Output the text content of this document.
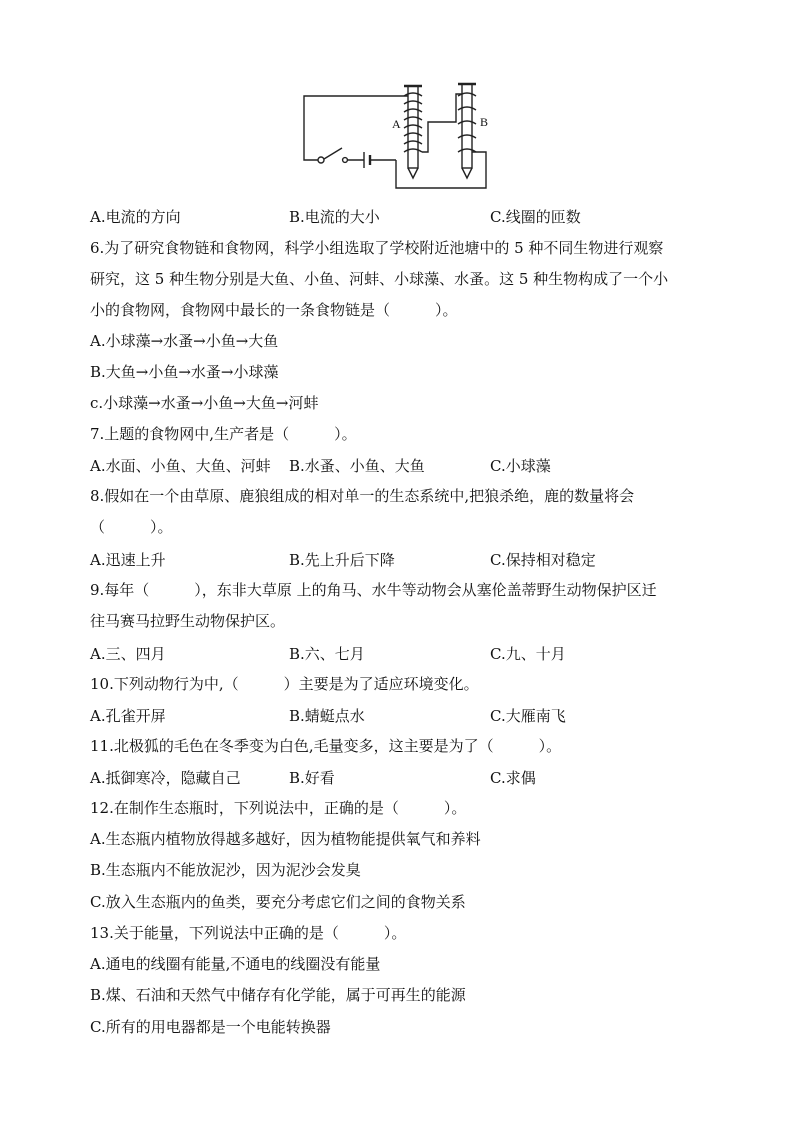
A	B
A.电流的方向	B.电流的大小	C.线圈的匝数
6.为了研究食物链和食物网，科学小组选取了学校附近池塘中的 5 种不同生物进行观察
研究，这 5 种生物分别是大鱼、小鱼、河蚌、小球藻、水蚤。这 5 种生物构成了一个小
小的食物网，食物网中最长的一条食物链是（　　　）。
A.小球藻→水蚤→小鱼→大鱼
B.大鱼→小鱼→水蚤→小球藻
c.小球藻→水蚤→小鱼→大鱼→河蚌
7.上题的食物网中,生产者是（　　　）。
A.水面、小鱼、大鱼、河蚌 B.水蚤、小鱼、大鱼	C.小球藻
8.假如在一个由草原、鹿狼组成的相对单一的生态系统中,把狼杀绝，鹿的数量将会
（　　　）。
A.迅速上升	B.先上升后下降	C.保持相对稳定
9.每年（　　　），东非大草原 上的角马、水牛等动物会从塞伦盖蒂野生动物保护区迁
往马赛马拉野生动物保护区。
A.三、四月	B.六、七月	C.九、十月
10.下列动物行为中,（　　　）主要是为了适应环境变化。
A.孔雀开屏	B.蜻蜓点水	C.大雁南飞
11.北极狐的毛色在冬季变为白色,毛量变多，这主要是为了（　　　）。
A.抵御寒冷，隐藏自己	B.好看	C.求偶
12.在制作生态瓶时，下列说法中，正确的是（　　　）。
A.生态瓶内植物放得越多越好，因为植物能提供氧气和养料
B.生态瓶内不能放泥沙，因为泥沙会发臭
C.放入生态瓶内的鱼类，要充分考虑它们之间的食物关系
13.关于能量，下列说法中正确的是（　　　）。
A.通电的线圈有能量,不通电的线圈没有能量
B.煤、石油和天然气中储存有化学能，属于可再生的能源
C.所有的用电器都是一个电能转换器
